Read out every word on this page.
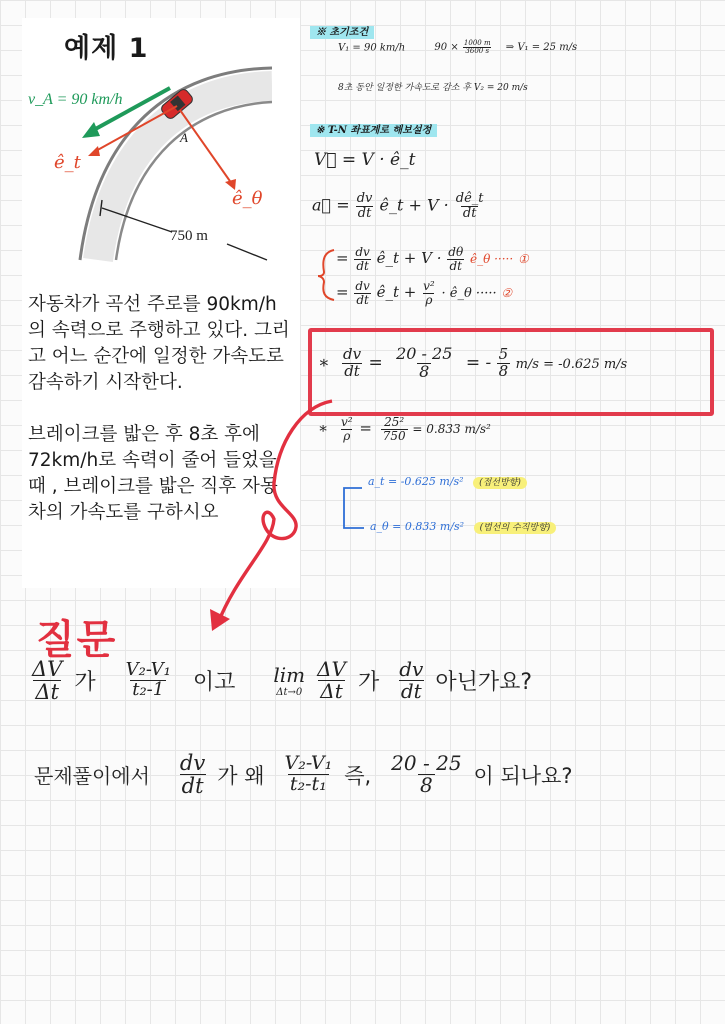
예제 1
v_A = 90 km/h
A
ê_t
ê_θ
750 m
자동차가 곡선 주로를 90km/h의 속력으로 주행하고 있다. 그리고 어느 순간에 일정한 가속도로 감속하기 시작한다.

브레이크를 밟은 후 8초 후에 72km/h로 속력이 줄어 들었을 때 , 브레이크를 밟은 직후 자동차의 가속도를 구하시오
※ 초기조건
V₁ = 90 km/h	$90 \times \frac{1000 m}{3600 s}$ ⇒ V₁ = 25 m/s
8초 동안 일정한 가속도로 감소 후 V₂ = 20 m/s
※ T-N 좌표계로 해보설정
V⃗ = V · ê_t
a⃗ = $\frac{dv}{dt}$ ê_t + $V \cdot \frac{dê\_t}{dt}$
= $\frac{dv}{dt}$ ê_t + $V \cdot \frac{d\theta}{dt}$ ê_θ ····· ①
= $\frac{dv}{dt}$ ê_t + $\frac{\text{v²}}{\rho}$ · ê_θ ····· ②
∗ $\frac{dv}{dt} = \frac{20 - 25}{8}$ = - $\frac{5}{8} m/s = -0.625$ m/s
∗ $\frac{\text{v²}}{\rho} = \frac{\text{25²}}{750} = 0.833$ m/s²
a_t = -0.625 m/s² (접선방향)
a_θ = 0.833 m/s² (법선의 수직방향)
질문
$\frac{\Delta V}{\Delta t}$ 가 $\frac{\text{V₂-V₁}}{\text{t₂-1}}$ 이고 lim
$\Delta t\to 0 \frac{\Delta V}{\Delta t}$ 가 $\frac{dv}{dt}$ 아닌가요?
문제풀이에서 $\frac{dv}{dt}$ 가 왜 $\frac{\text{V₂-V₁}}{\text{t₂-t₁}}$ 즉, $\frac{20 - 25}{8}$ 이 되나요?
